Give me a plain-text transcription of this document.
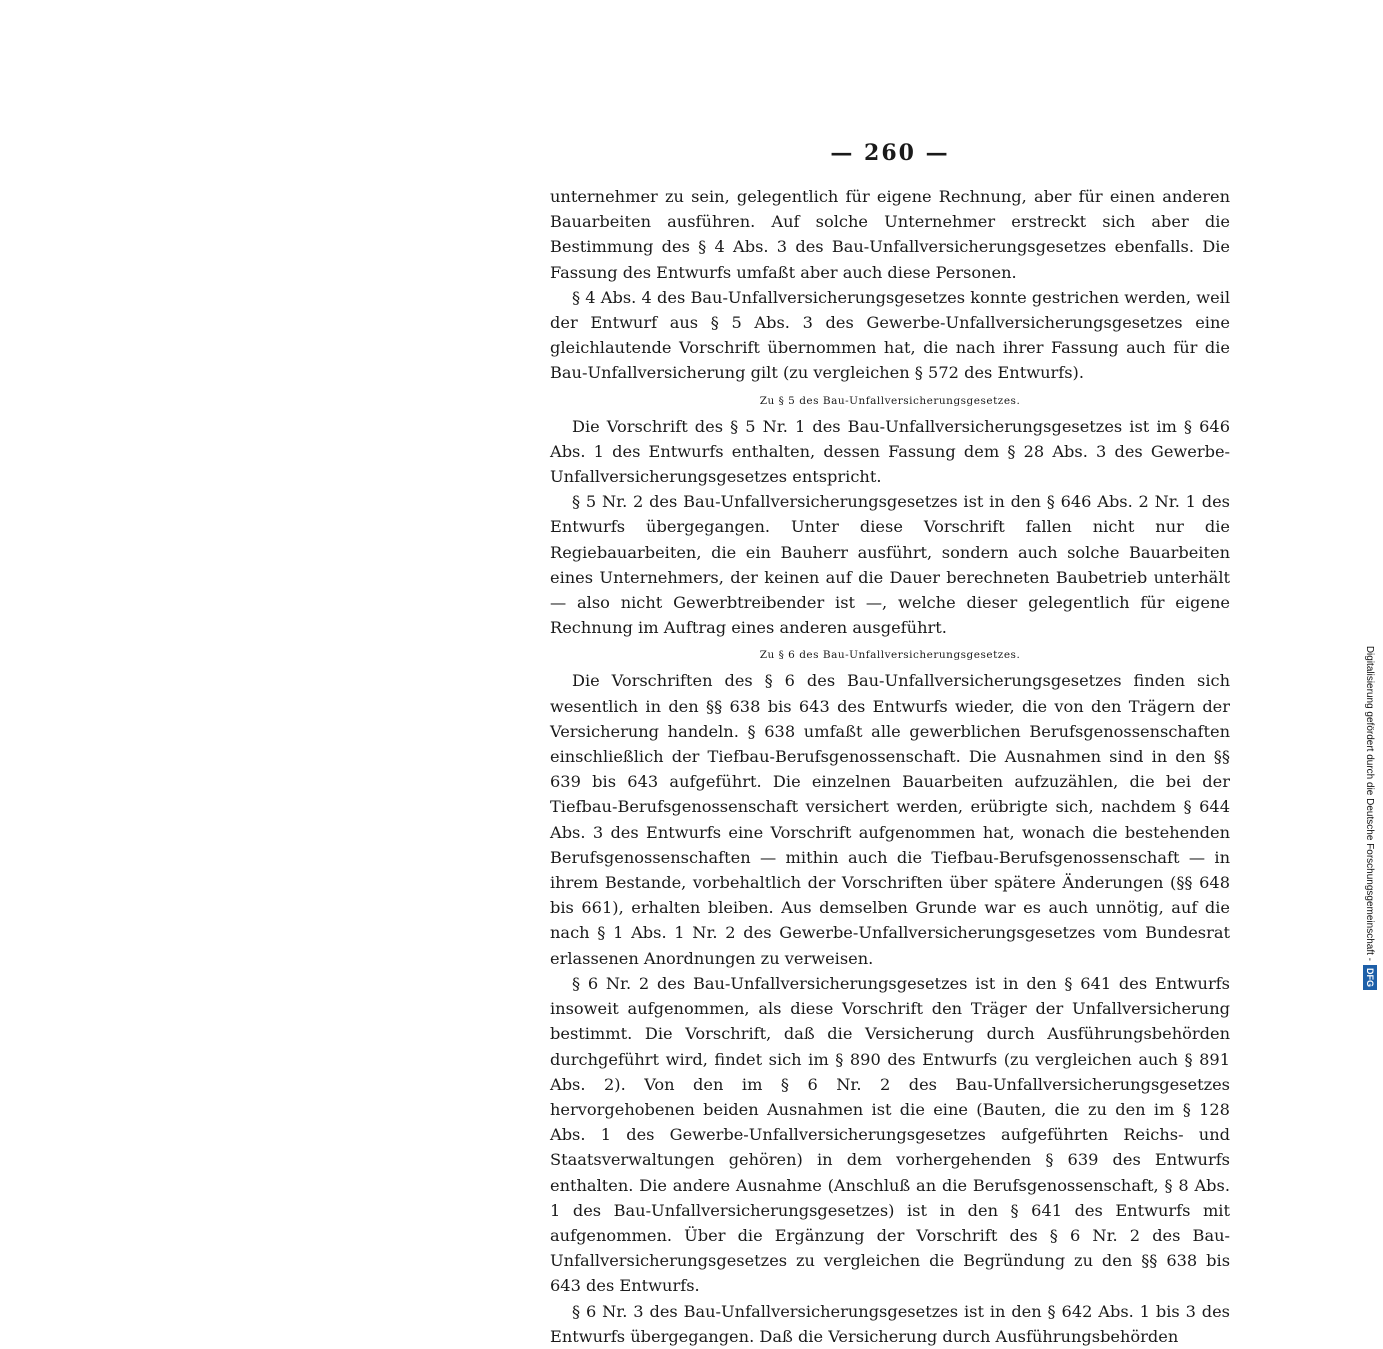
— 260 —

unternehmer zu sein, gelegentlich für eigene Rechnung, aber für einen anderen Bauarbeiten ausführen. Auf solche Unternehmer erstreckt sich aber die Bestimmung des § 4 Abs. 3 des Bau-Unfallversicherungsgesetzes ebenfalls. Die Fassung des Entwurfs umfaßt aber auch diese Personen.

§ 4 Abs. 4 des Bau-Unfallversicherungsgesetzes konnte gestrichen werden, weil der Entwurf aus § 5 Abs. 3 des Gewerbe-Unfallversicherungsgesetzes eine gleichlautende Vorschrift übernommen hat, die nach ihrer Fassung auch für die Bau-Unfallversicherung gilt (zu vergleichen § 572 des Entwurfs).

Zu § 5 des Bau-Unfallversicherungsgesetzes.

Die Vorschrift des § 5 Nr. 1 des Bau-Unfallversicherungsgesetzes ist im § 646 Abs. 1 des Entwurfs enthalten, dessen Fassung dem § 28 Abs. 3 des Gewerbe-Unfallversicherungsgesetzes entspricht.

§ 5 Nr. 2 des Bau-Unfallversicherungsgesetzes ist in den § 646 Abs. 2 Nr. 1 des Entwurfs übergegangen. Unter diese Vorschrift fallen nicht nur die Regiebauarbeiten, die ein Bauherr ausführt, sondern auch solche Bauarbeiten eines Unternehmers, der keinen auf die Dauer berechneten Baubetrieb unterhält — also nicht Gewerbtreibender ist —, welche dieser gelegentlich für eigene Rechnung im Auftrag eines anderen ausgeführt.

Zu § 6 des Bau-Unfallversicherungsgesetzes.

Die Vorschriften des § 6 des Bau-Unfallversicherungsgesetzes finden sich wesentlich in den §§ 638 bis 643 des Entwurfs wieder, die von den Trägern der Versicherung handeln. § 638 umfaßt alle gewerblichen Berufsgenossenschaften einschließlich der Tiefbau-Berufsgenossenschaft. Die Ausnahmen sind in den §§ 639 bis 643 aufgeführt. Die einzelnen Bauarbeiten aufzuzählen, die bei der Tiefbau-Berufsgenossenschaft versichert werden, erübrigte sich, nachdem § 644 Abs. 3 des Entwurfs eine Vorschrift aufgenommen hat, wonach die bestehenden Berufsgenossenschaften — mithin auch die Tiefbau-Berufsgenossenschaft — in ihrem Bestande, vorbehaltlich der Vorschriften über spätere Änderungen (§§ 648 bis 661), erhalten bleiben. Aus demselben Grunde war es auch unnötig, auf die nach § 1 Abs. 1 Nr. 2 des Gewerbe-Unfallversicherungsgesetzes vom Bundesrat erlassenen Anordnungen zu verweisen.

§ 6 Nr. 2 des Bau-Unfallversicherungsgesetzes ist in den § 641 des Entwurfs insoweit aufgenommen, als diese Vorschrift den Träger der Unfallversicherung bestimmt. Die Vorschrift, daß die Versicherung durch Ausführungsbehörden durchgeführt wird, findet sich im § 890 des Entwurfs (zu vergleichen auch § 891 Abs. 2). Von den im § 6 Nr. 2 des Bau-Unfallversicherungsgesetzes hervorgehobenen beiden Ausnahmen ist die eine (Bauten, die zu den im § 128 Abs. 1 des Gewerbe-Unfallversicherungsgesetzes aufgeführten Reichs- und Staatsverwaltungen gehören) in dem vorhergehenden § 639 des Entwurfs enthalten. Die andere Ausnahme (Anschluß an die Berufsgenossenschaft, § 8 Abs. 1 des Bau-Unfallversicherungsgesetzes) ist in den § 641 des Entwurfs mit aufgenommen. Über die Ergänzung der Vorschrift des § 6 Nr. 2 des Bau-Unfallversicherungsgesetzes zu vergleichen die Begründung zu den §§ 638 bis 643 des Entwurfs.

§ 6 Nr. 3 des Bau-Unfallversicherungsgesetzes ist in den § 642 Abs. 1 bis 3 des Entwurfs übergegangen. Daß die Versicherung durch Ausführungsbehörden

Digitalisierung gefördert durch die Deutsche Forschungsgemeinschaft -DFG
